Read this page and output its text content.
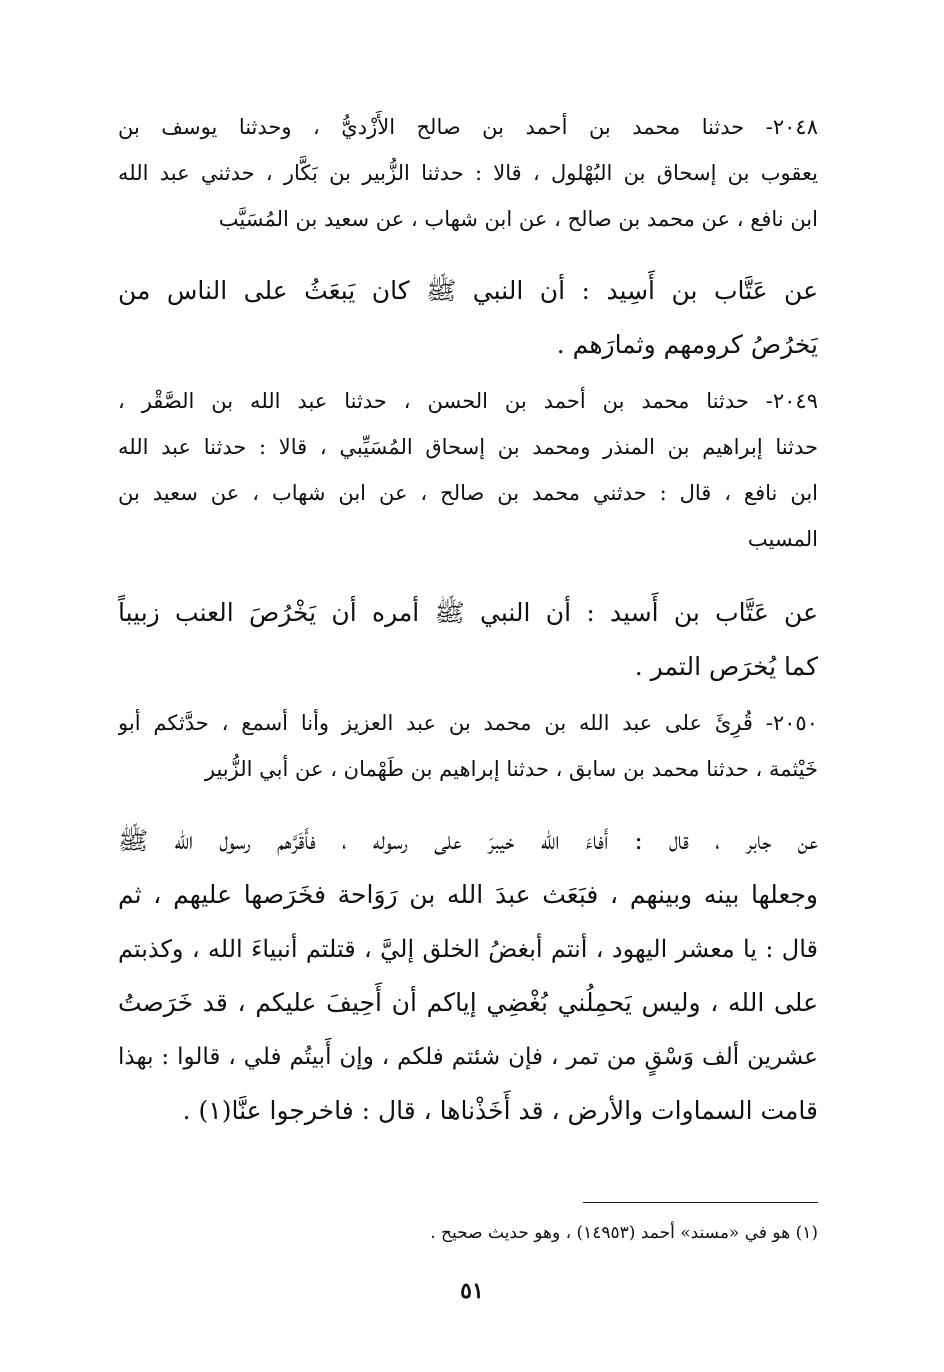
٢٠٤٨- حدثنا محمد بن أحمد بن صالح الأَزْديُّ ، وحدثنا يوسف بن
يعقوب بن إسحاق بن البُهْلول ، قالا : حدثنا الزُّبير بن بَكَّار ، حدثني عبد الله
ابن نافع ، عن محمد بن صالح ، عن ابن شهاب ، عن سعيد بن المُسَيَّب
عن عَتَّاب بن أَسِيد : أن النبي ﷺ كان يَبعَثُ على الناس من
يَخرُصُ كرومهم وثمارَهم .
٢٠٤٩- حدثنا محمد بن أحمد بن الحسن ، حدثنا عبد الله بن الصَّقْر ،
حدثنا إبراهيم بن المنذر ومحمد بن إسحاق المُسَيِّبي ، قالا : حدثنا عبد الله
ابن نافع ، قال : حدثني محمد بن صالح ، عن ابن شهاب ، عن سعيد بن
المسيب
عن عَتَّاب بن أَسيد : أن النبي ﷺ أمره أن يَخْرُصَ العنب زبيباً
كما يُخرَص التمر .
٢٠٥٠- قُرِئَ على عبد الله بن محمد بن عبد العزيز وأنا أسمع ، حدَّثكم أبو
خَيْثمة ، حدثنا محمد بن سابق ، حدثنا إبراهيم بن طَهْمان ، عن أبي الزُّبير
عن جابر ، قال : أَفاءَ الله خيبرَ على رسوله ، فأَقَرَّهم رسول الله ﷺ
وجعلها بينه وبينهم ، فبَعَث عبدَ الله بن رَوَاحة فخَرَصها عليهم ، ثم
قال : يا معشر اليهود ، أنتم أبغضُ الخلق إليَّ ، قتلتم أنبياءَ الله ، وكذبتم
على الله ، وليس يَحمِلُني بُغْضِي إياكم أن أَحِيفَ عليكم ، قد خَرَصتُ
عشرين ألف وَسْقٍ من تمر ، فإن شئتم فلكم ، وإن أَبيتُم فلي ، قالوا : بهذا
قامت السماوات والأرض ، قد أَخَذْناها ، قال : فاخرجوا عنَّا(١) .
(١) هو في «مسند» أحمد (١٤٩٥٣) ، وهو حديث صحيح .
٥١
